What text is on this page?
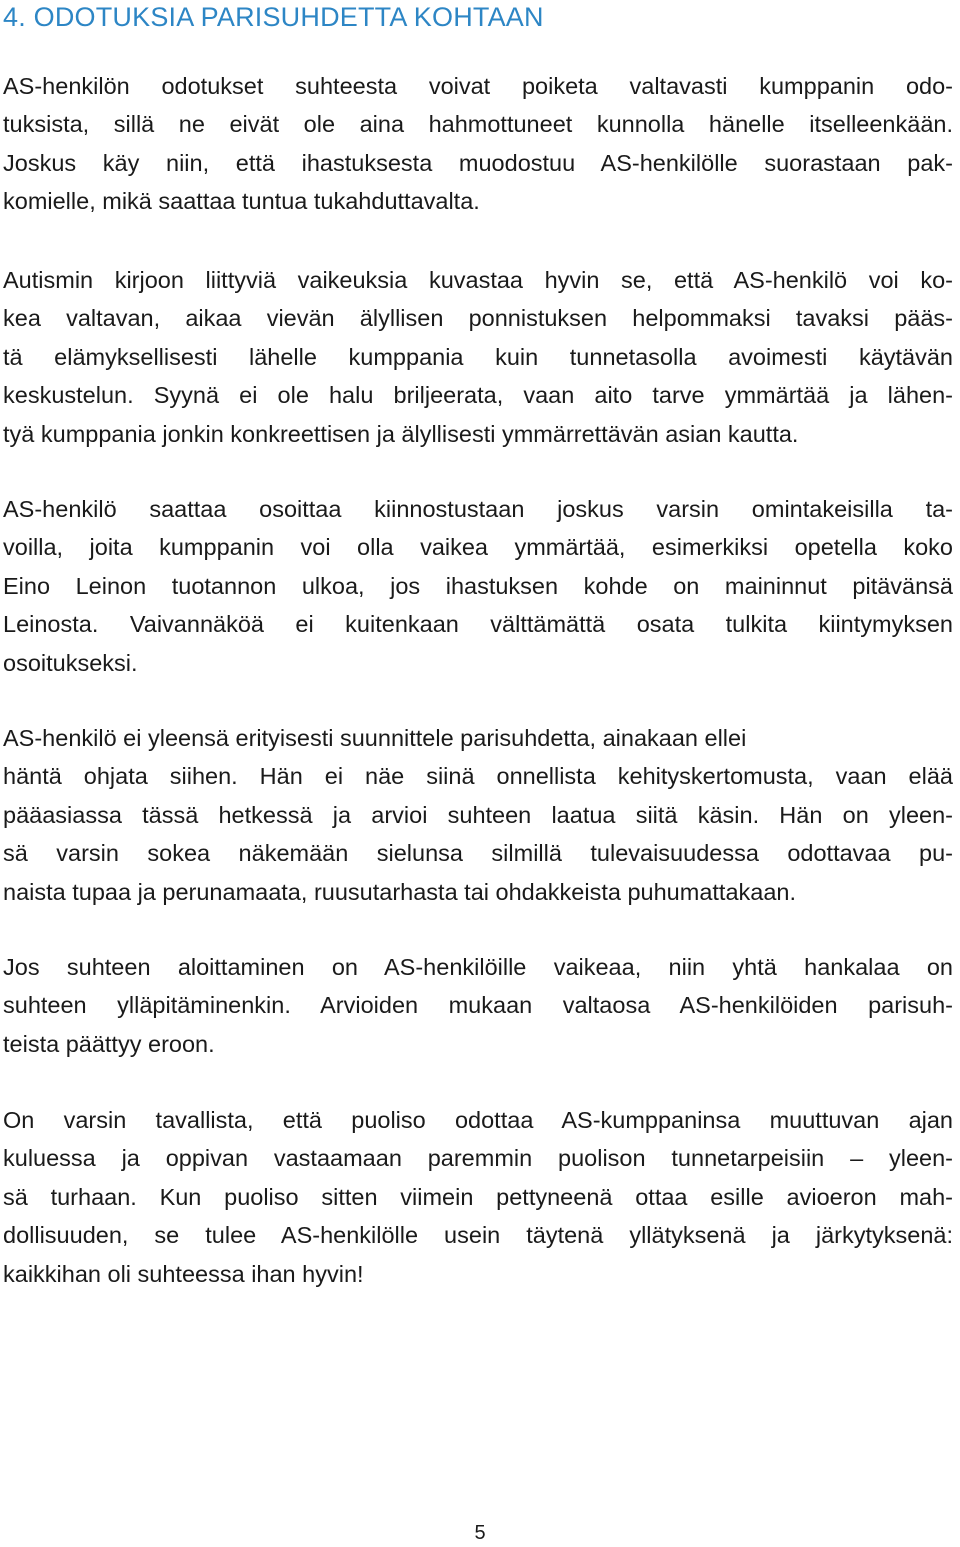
4. ODOTUKSIA PARISUHDETTA KOHTAAN

AS-henkilön odotukset suhteesta voivat poiketa valtavasti kumppanin odo-
tuksista, sillä ne eivät ole aina hahmottuneet kunnolla hänelle itselleenkään.
Joskus käy niin, että ihastuksesta muodostuu AS-henkilölle suorastaan pak-
komielle, mikä saattaa tuntua tukahduttavalta.

Autismin kirjoon liittyviä vaikeuksia kuvastaa hyvin se, että AS-henkilö voi ko-
kea valtavan, aikaa vievän älyllisen ponnistuksen helpommaksi tavaksi pääs-
tä elämyksellisesti lähelle kumppania kuin tunnetasolla avoimesti käytävän
keskustelun. Syynä ei ole halu briljeerata, vaan aito tarve ymmärtää ja lähen-
tyä kumppania jonkin konkreettisen ja älyllisesti ymmärrettävän asian kautta.

AS-henkilö saattaa osoittaa kiinnostustaan joskus varsin omintakeisilla ta-
voilla, joita kumppanin voi olla vaikea ymmärtää, esimerkiksi opetella koko
Eino Leinon tuotannon ulkoa, jos ihastuksen kohde on maininnut pitävänsä
Leinosta. Vaivannäköä ei kuitenkaan välttämättä osata tulkita kiintymyksen
osoitukseksi.

AS-henkilö ei yleensä erityisesti suunnittele parisuhdetta, ainakaan ellei
häntä ohjata siihen. Hän ei näe siinä onnellista kehityskertomusta, vaan elää
pääasiassa tässä hetkessä ja arvioi suhteen laatua siitä käsin. Hän on yleen-
sä varsin sokea näkemään sielunsa silmillä tulevaisuudessa odottavaa pu-
naista tupaa ja perunamaata, ruusutarhasta tai ohdakkeista puhumattakaan.

Jos suhteen aloittaminen on AS-henkilöille vaikeaa, niin yhtä hankalaa on
suhteen ylläpitäminenkin. Arvioiden mukaan valtaosa AS-henkilöiden parisuh-
teista päättyy eroon.

On varsin tavallista, että puoliso odottaa AS-kumppaninsa muuttuvan ajan
kuluessa ja oppivan vastaamaan paremmin puolison tunnetarpeisiin – yleen-
sä turhaan. Kun puoliso sitten viimein pettyneenä ottaa esille avioeron mah-
dollisuuden, se tulee AS-henkilölle usein täytenä yllätyksenä ja järkytyksenä:
kaikkihan oli suhteessa ihan hyvin!

5
